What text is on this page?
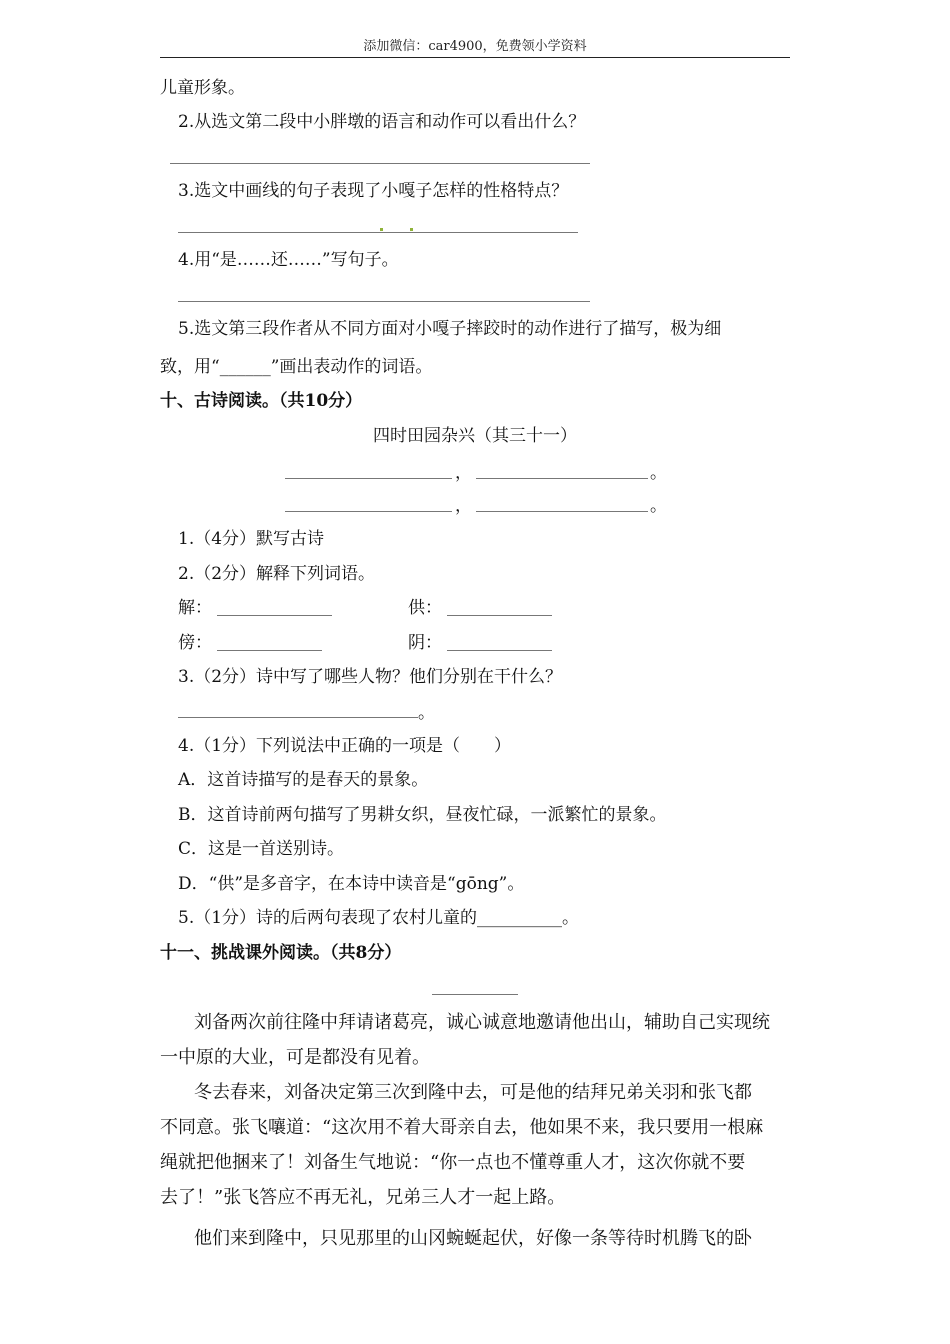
添加微信：car4900，免费领小学资料
儿童形象。
2.从选文第二段中小胖墩的语言和动作可以看出什么？
3.选文中画线的句子表现了小嘎子怎样的性格特点？
4.用“是……还……”写句子。
5.选文第三段作者从不同方面对小嘎子摔跤时的动作进行了描写，极为细
致，用“______”画出表动作的词语。
十、古诗阅读。（共10分）
四时田园杂兴（其三十一）
，	。
，	。
1.（4分）默写古诗
2.（2分）解释下列词语。
解：	供：
傍：	阴：
3.（2分）诗中写了哪些人物？他们分别在干什么？
。
4.（1分）下列说法中正确的一项是（　　）
A．这首诗描写的是春天的景象。
B．这首诗前两句描写了男耕女织，昼夜忙碌，一派繁忙的景象。
C．这是一首送别诗。
D．“供”是多音字，在本诗中读音是“gōng”。
5.（1分）诗的后两句表现了农村儿童的__________。
十一、挑战课外阅读。（共8分）
刘备两次前往隆中拜请诸葛亮，诚心诚意地邀请他出山，辅助自己实现统
一中原的大业，可是都没有见着。
冬去春来，刘备决定第三次到隆中去，可是他的结拜兄弟关羽和张飞都
不同意。张飞嚷道：“这次用不着大哥亲自去，他如果不来，我只要用一根麻
绳就把他捆来了！刘备生气地说：“你一点也不懂尊重人才，这次你就不要
去了！”张飞答应不再无礼，兄弟三人才一起上路。
他们来到隆中，只见那里的山冈蜿蜒起伏，好像一条等待时机腾飞的卧
